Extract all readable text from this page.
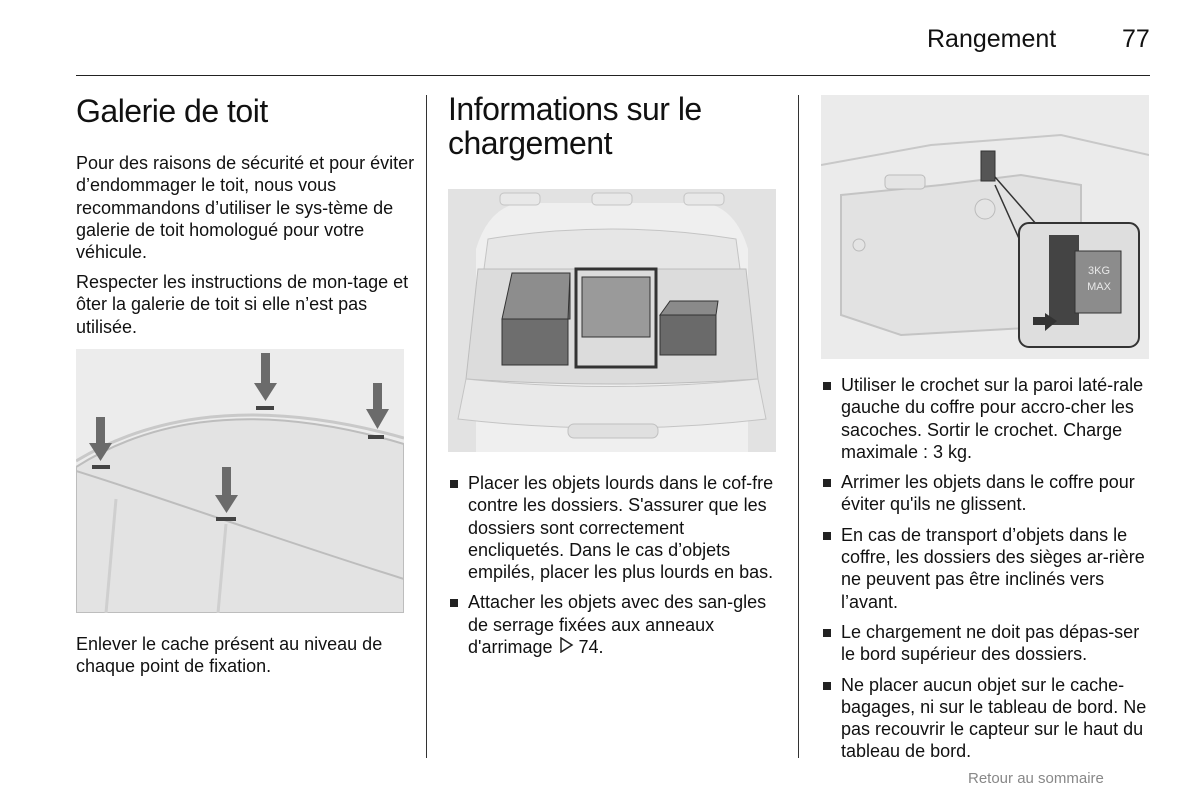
Rangement	77
Galerie de toit

Pour des raisons de sécurité et pour éviter d’endommager le toit, nous vous recommandons d’utiliser le sys-tème de galerie de toit homologué pour votre véhicule.

Respecter les instructions de mon-tage et ôter la galerie de toit si elle n’est pas utilisée.

Enlever le cache présent au niveau de chaque point de fixation.

Informations sur le chargement
Placer les objets lourds dans le cof-fre contre les dossiers. S'assurer que les dossiers sont correctement encliquetés. Dans le cas d’objets empilés, placer les plus lourds en bas.
Attacher les objets avec des san-gles de serrage fixées aux anneaux d'arrimage 74.
3KG MAX
Utiliser le crochet sur la paroi laté-rale gauche du coffre pour accro-cher les sacoches. Sortir le crochet. Charge maximale : 3 kg.
Arrimer les objets dans le coffre pour éviter qu'ils ne glissent.
En cas de transport d’objets dans le coffre, les dossiers des sièges ar-rière ne peuvent pas être inclinés vers l’avant.
Le chargement ne doit pas dépas-ser le bord supérieur des dossiers.
Ne placer aucun objet sur le cache-bagages, ni sur le tableau de bord. Ne pas recouvrir le capteur sur le haut du tableau de bord.
Retour au sommaire
